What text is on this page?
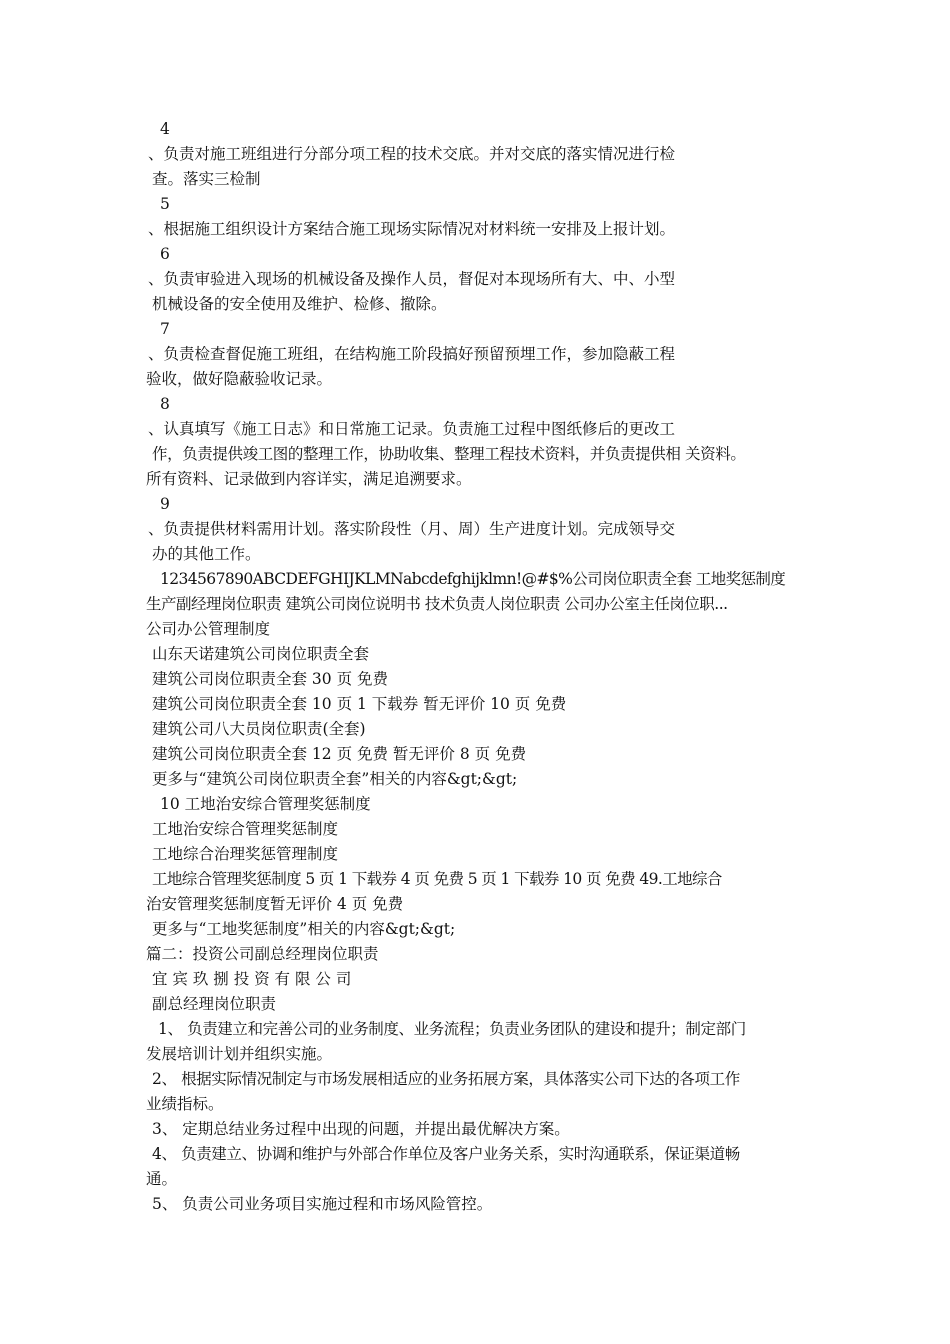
4
、负责对施工班组进行分部分项工程的技术交底。并对交底的落实情况进行检
查。落实三检制
5
、根据施工组织设计方案结合施工现场实际情况对材料统一安排及上报计划。
6
、负责审验进入现场的机械设备及操作人员，督促对本现场所有大、中、小型
机械设备的安全使用及维护、检修、撤除。
7
、负责检查督促施工班组，在结构施工阶段搞好预留预埋工作，参加隐蔽工程
验收，做好隐蔽验收记录。
8
、认真填写《施工日志》和日常施工记录。负责施工过程中图纸修后的更改工
作，负责提供竣工图的整理工作，协助收集、整理工程技术资料，并负责提供相 关资料。
所有资料、记录做到内容详实，满足追溯要求。
9
、负责提供材料需用计划。落实阶段性（月、周）生产进度计划。完成领导交
办的其他工作。
1234567890ABCDEFGHIJKLMNabcdefghijklmn!@#$%公司岗位职责全套 工地奖惩制度
生产副经理岗位职责 建筑公司岗位说明书 技术负责人岗位职责 公司办公室主任岗位职...
公司办公管理制度
山东天诺建筑公司岗位职责全套
建筑公司岗位职责全套 30 页 免费
建筑公司岗位职责全套 10 页 1 下载券 暂无评价 10 页 免费
建筑公司八大员岗位职责(全套)
建筑公司岗位职责全套 12 页 免费 暂无评价 8 页 免费
更多与“建筑公司岗位职责全套”相关的内容&gt;&gt;
10 工地治安综合管理奖惩制度
工地治安综合管理奖惩制度
工地综合治理奖惩管理制度
工地综合管理奖惩制度 5 页 1 下载券 4 页 免费 5 页 1 下载券 10 页 免费 49.工地综合
治安管理奖惩制度暂无评价 4 页 免费
更多与“工地奖惩制度”相关的内容&gt;&gt;
篇二：投资公司副总经理岗位职责
宜 宾 玖 捌 投 资 有 限 公 司
副总经理岗位职责
1、 负责建立和完善公司的业务制度、业务流程；负责业务团队的建设和提升；制定部门
发展培训计划并组织实施。
2、 根据实际情况制定与市场发展相适应的业务拓展方案，具体落实公司下达的各项工作
业绩指标。
3、 定期总结业务过程中出现的问题，并提出最优解决方案。
4、 负责建立、协调和维护与外部合作单位及客户业务关系，实时沟通联系，保证渠道畅
通。
5、 负责公司业务项目实施过程和市场风险管控。
